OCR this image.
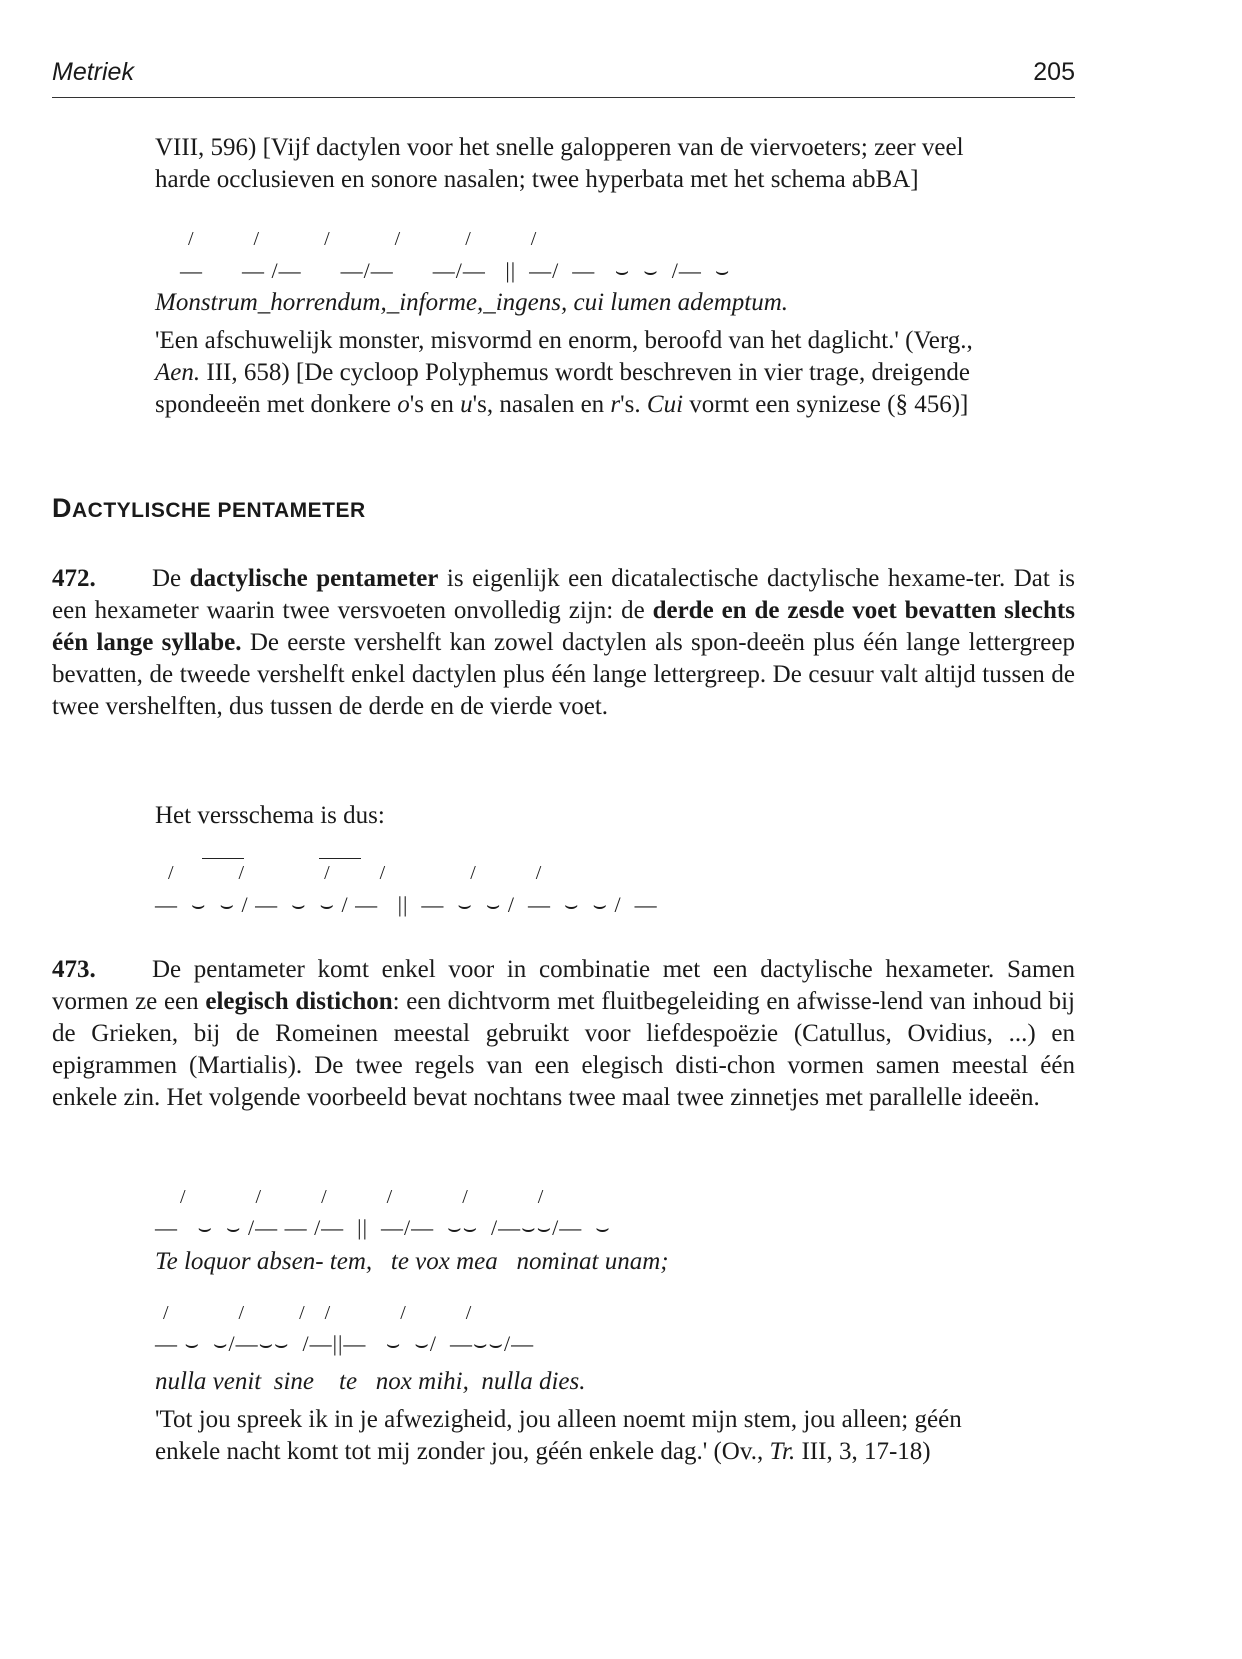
Metriek	205
VIII, 596) [Vijf dactylen voor het snelle galopperen van de viervoeters; zeer veel
harde occlusieven en sonore nasalen; twee hyperbata met het schema abBA]
/            /             /             /             /            /
—      — /—      —/—      —/—   ||  —/  —   ⌣  ⌣  /—  ⌣
Monstrum_horrendum,_informe,_ingens, cui lumen ademptum.
'Een afschuwelijk monster, misvormd en enorm, beroofd van het daglicht.' (Verg.,
Aen. III, 658) [De cycloop Polyphemus wordt beschreven in vier trage, dreigende
spondeeën met donkere o's en u's, nasalen en r's. Cui vormt een synizese (§ 456)]
DACTYLISCHE PENTAMETER
472. De dactylische pentameter is eigenlijk een dicatalectische dactylische hexame-ter. Dat is een hexameter waarin twee versvoeten onvolledig zijn: de derde en de zesde voet bevatten slechts één lange syllabe. De eerste vershelft kan zowel dactylen als spon-deeën plus één lange lettergreep bevatten, de tweede vershelft enkel dactylen plus één lange lettergreep. De cesuur valt altijd tussen de twee vershelften, dus tussen de derde en de vierde voet.
Het versschema is dus:
/             /                /          /                 /            /
—  ⌣  ⌣ / —  ⌣  ⌣ / —   ||  —  ⌣  ⌣ /  —  ⌣  ⌣ /  —
473. De pentameter komt enkel voor in combinatie met een dactylische hexameter. Samen vormen ze een elegisch distichon: een dichtvorm met fluitbegeleiding en afwisse-lend van inhoud bij de Grieken, bij de Romeinen meestal gebruikt voor liefdespoëzie (Catullus, Ovidius, ...) en epigrammen (Martialis). De twee regels van een elegisch disti-chon vormen samen meestal één enkele zin. Het volgende voorbeeld bevat nochtans twee maal twee zinnetjes met parallelle ideeën.
/              /            /            /              /              /
—   ⌣  ⌣ /— — /—  ||  —/—  ⌣⌣  /—⌣⌣/—  ⌣
Te loquor absen- tem,   te vox mea   nominat unam;
/              /           /    /              /            /
— ⌣  ⌣/—⌣⌣  /—||—   ⌣  ⌣/  —⌣⌣/—
nulla venit  sine    te   nox mihi,  nulla dies.
'Tot jou spreek ik in je afwezigheid, jou alleen noemt mijn stem, jou alleen; géén
enkele nacht komt tot mij zonder jou, géén enkele dag.' (Ov., Tr. III, 3, 17-18)
